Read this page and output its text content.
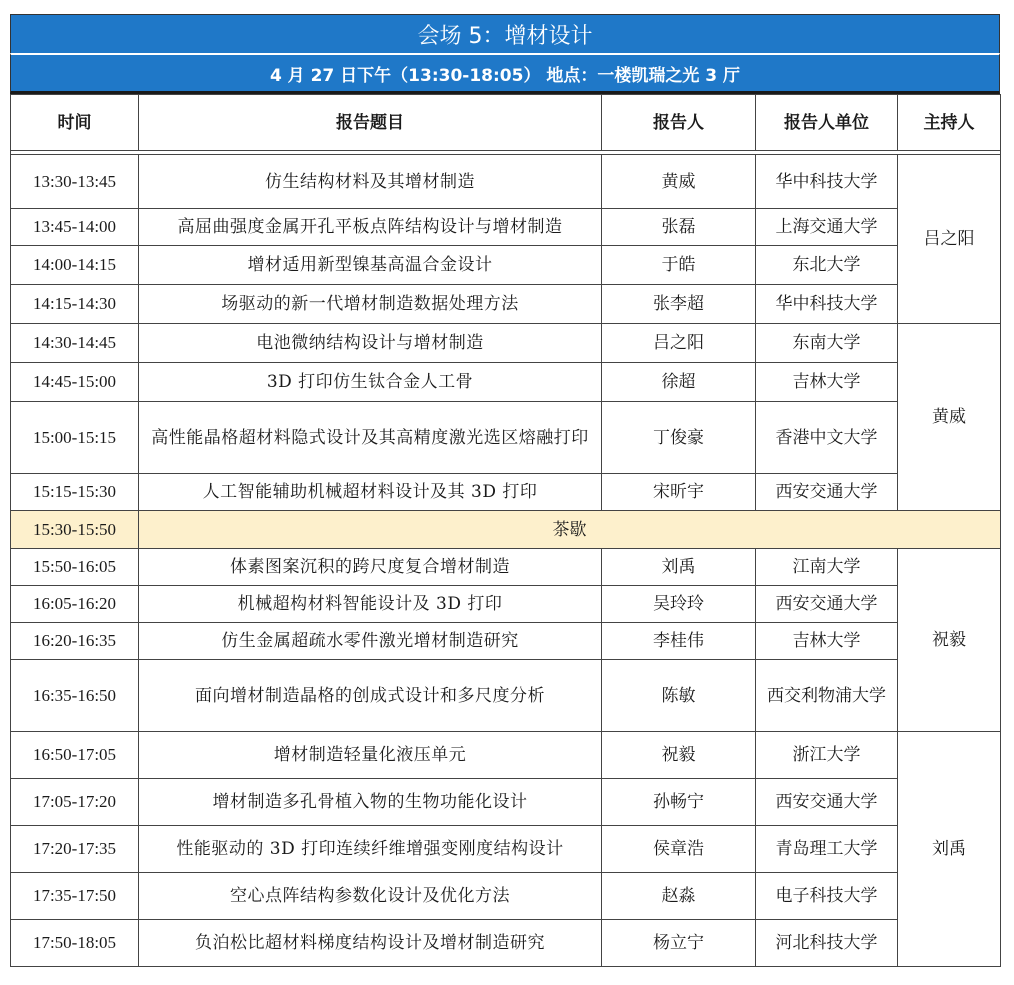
会场 5：增材设计
4 月 27 日下午（13:30-18:05） 地点：一楼凯瑞之光 3 厅
时间	报告题目	报告人	报告人单位	主持人

13:30-13:45	仿生结构材料及其增材制造	黄威	华中科技大学	吕之阳
13:45-14:00	高屈曲强度金属开孔平板点阵结构设计与增材制造	张磊	上海交通大学	
14:00-14:15	增材适用新型镍基高温合金设计	于皓	东北大学	
14:15-14:30	场驱动的新一代增材制造数据处理方法	张李超	华中科技大学	
14:30-14:45	电池微纳结构设计与增材制造	吕之阳	东南大学	黄威
14:45-15:00	3D 打印仿生钛合金人工骨	徐超	吉林大学	
15:00-15:15	高性能晶格超材料隐式设计及其高精度激光选区熔融打印	丁俊豪	香港中文大学	
15:15-15:30	人工智能辅助机械超材料设计及其 3D 打印	宋昕宇	西安交通大学	
15:30-15:50	茶歇			
15:50-16:05	体素图案沉积的跨尺度复合增材制造	刘禹	江南大学	祝毅
16:05-16:20	机械超构材料智能设计及 3D 打印	吴玲玲	西安交通大学	
16:20-16:35	仿生金属超疏水零件激光增材制造研究	李桂伟	吉林大学	
16:35-16:50	面向增材制造晶格的创成式设计和多尺度分析	陈敏	西交利物浦大学	
16:50-17:05	增材制造轻量化液压单元	祝毅	浙江大学	刘禹
17:05-17:20	增材制造多孔骨植入物的生物功能化设计	孙畅宁	西安交通大学	
17:20-17:35	性能驱动的 3D 打印连续纤维增强变刚度结构设计	侯章浩	青岛理工大学	
17:35-17:50	空心点阵结构参数化设计及优化方法	赵淼	电子科技大学	
17:50-18:05	负泊松比超材料梯度结构设计及增材制造研究	杨立宁	河北科技大学	
